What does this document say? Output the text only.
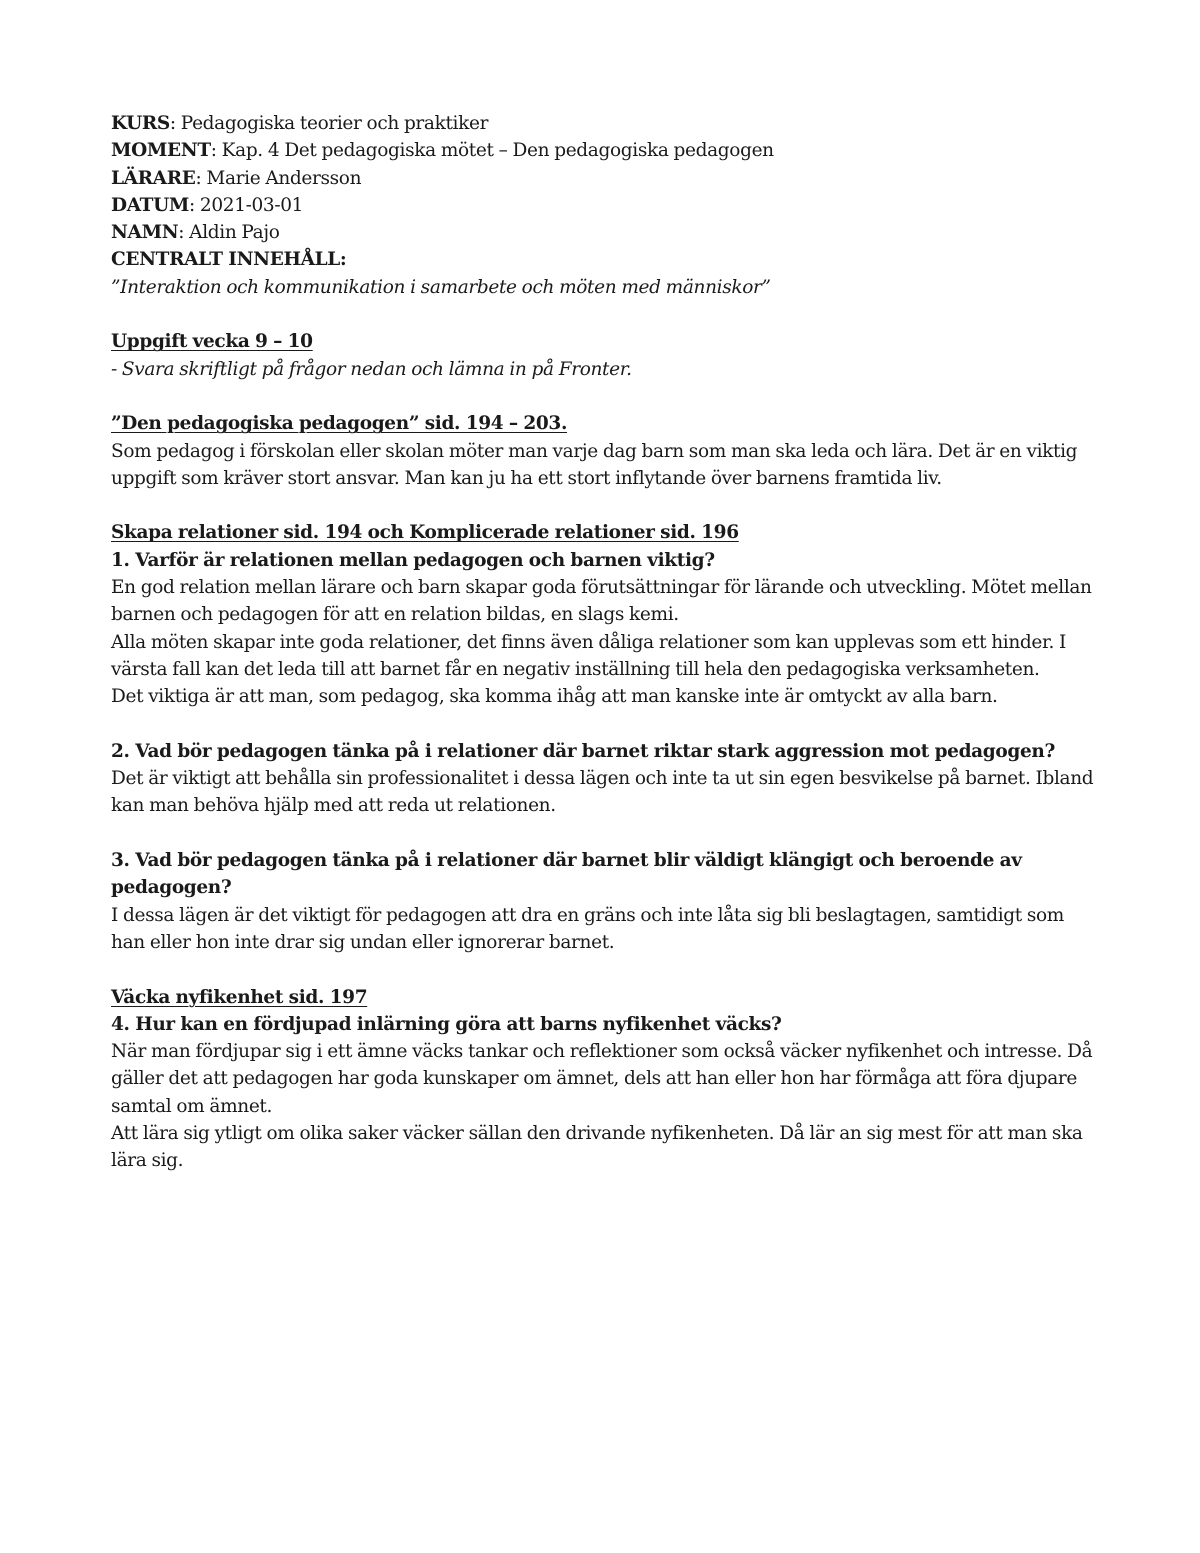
KURS: Pedagogiska teorier och praktiker

MOMENT: Kap. 4 Det pedagogiska mötet – Den pedagogiska pedagogen

LÄRARE: Marie Andersson

DATUM: 2021-03-01

NAMN: Aldin Pajo

CENTRALT INNEHÅLL:

”Interaktion och kommunikation i samarbete och möten med människor”

Uppgift vecka 9 – 10

- Svara skriftligt på frågor nedan och lämna in på Fronter.

”Den pedagogiska pedagogen” sid. 194 – 203.

Som pedagog i förskolan eller skolan möter man varje dag barn som man ska leda och lära. Det är en viktig uppgift som kräver stort ansvar. Man kan ju ha ett stort inflytande över barnens framtida liv.

Skapa relationer sid. 194 och Komplicerade relationer sid. 196

1. Varför är relationen mellan pedagogen och barnen viktig?

En god relation mellan lärare och barn skapar goda förutsättningar för lärande och utveckling. Mötet mellan barnen och pedagogen för att en relation bildas, en slags kemi.

Alla möten skapar inte goda relationer, det finns även dåliga relationer som kan upplevas som ett hinder. I värsta fall kan det leda till att barnet får en negativ inställning till hela den pedagogiska verksamheten.

Det viktiga är att man, som pedagog, ska komma ihåg att man kanske inte är omtyckt av alla barn.

2. Vad bör pedagogen tänka på i relationer där barnet riktar stark aggression mot pedagogen?

Det är viktigt att behålla sin professionalitet i dessa lägen och inte ta ut sin egen besvikelse på barnet. Ibland kan man behöva hjälp med att reda ut relationen.

3. Vad bör pedagogen tänka på i relationer där barnet blir väldigt klängigt och beroende av pedagogen?

I dessa lägen är det viktigt för pedagogen att dra en gräns och inte låta sig bli beslagtagen, samtidigt som han eller hon inte drar sig undan eller ignorerar barnet.

Väcka nyfikenhet sid. 197

4. Hur kan en fördjupad inlärning göra att barns nyfikenhet väcks?

När man fördjupar sig i ett ämne väcks tankar och reflektioner som också väcker nyfikenhet och intresse. Då gäller det att pedagogen har goda kunskaper om ämnet, dels att han eller hon har förmåga att föra djupare samtal om ämnet.

Att lära sig ytligt om olika saker väcker sällan den drivande nyfikenheten. Då lär an sig mest för att man ska lära sig.
